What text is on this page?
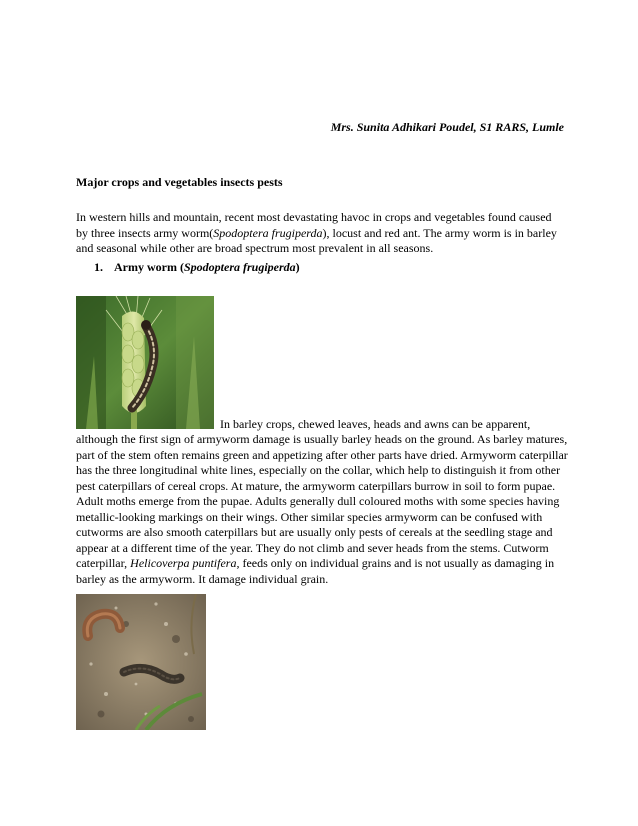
Mrs. Sunita Adhikari Poudel, S1 RARS, Lumle
Major crops and vegetables insects pests

In western hills and mountain, recent most devastating havoc in crops and vegetables found caused by three insects army worm(Spodoptera frugiperda), locust and red ant. The army worm is in barley and seasonal while other are broad spectrum most prevalent in all seasons.

1. Army worm (Spodoptera frugiperda)
In barley crops, chewed leaves, heads and awns can be apparent,

although the first sign of armyworm damage is usually barley heads on the ground. As barley matures, part of the stem often remains green and appetizing after other parts have dried. Armyworm caterpillar has the three longitudinal white lines, especially on the collar, which help to distinguish it from other pest caterpillars of cereal crops. At mature, the armyworm caterpillars burrow in soil to form pupae. Adult moths emerge from the pupae. Adults generally dull coloured moths with some species having metallic-looking markings on their wings. Other similar species armyworm can be confused with cutworms are also smooth caterpillars but are usually only pests of cereals at the seedling stage and appear at a different time of the year. They do not climb and sever heads from the stems. Cutworm caterpillar, Helicoverpa puntifera, feeds only on individual grains and is not usually as damaging in barley as the armyworm. It damage individual grain.
